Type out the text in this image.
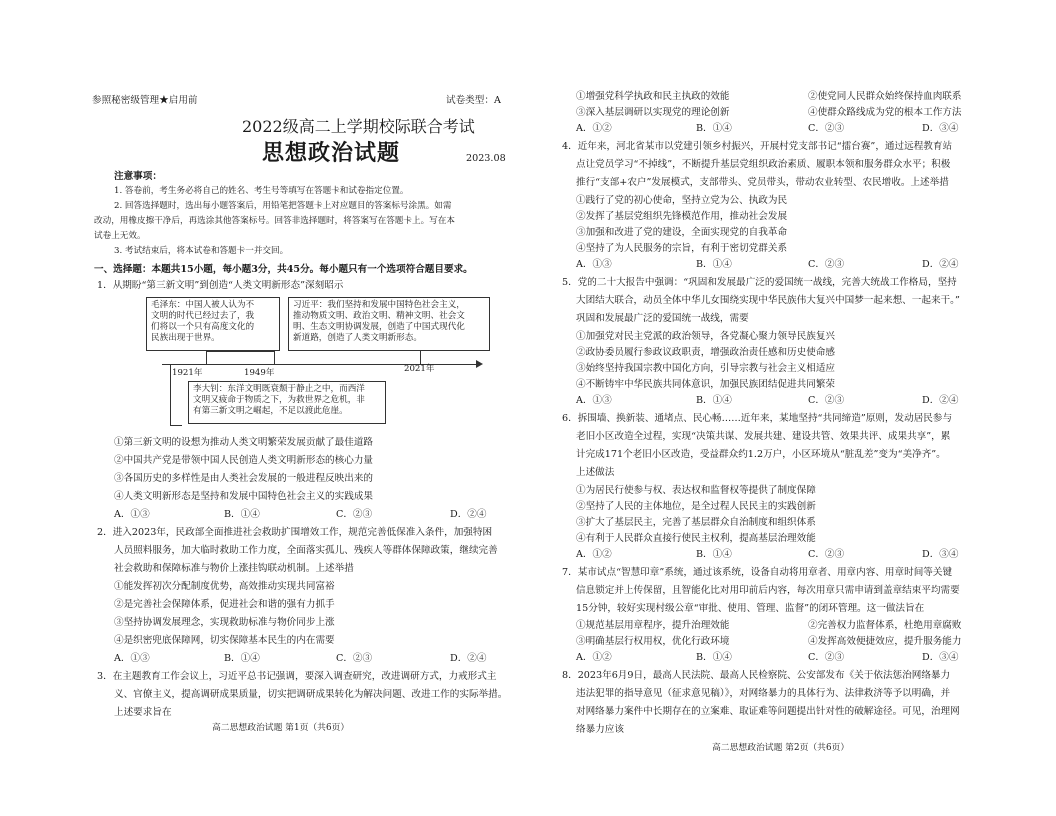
参照秘密级管理★启用前	试卷类型：A
2022级高二上学期校际联合考试
思想政治试题	2023.08
注意事项：
1. 答卷前，考生务必将自己的姓名、考生号等填写在答题卡和试卷指定位置。
2. 回答选择题时，选出每小题答案后，用铅笔把答题卡上对应题目的答案标号涂黑。如需
改动，用橡皮擦干净后，再选涂其他答案标号。回答非选择题时，将答案写在答题卡上。写在本
试卷上无效。
3. 考试结束后，将本试卷和答题卡一并交回。
一、选择题：本题共15小题，每小题3分，共45分。每小题只有一个选项符合题目要求。
1．从期盼“第三新文明”到创造“人类文明新形态”深刻昭示
毛泽东：中国人被人认为不
文明的时代已经过去了，我
们将以一个只有高度文化的
民族出现于世界。
习近平：我们坚持和发展中国特色社会主义，
推动物质文明、政治文明、精神文明、社会文
明、生态文明协调发展，创造了中国式现代化
新道路，创造了人类文明新形态。
1921年	1949年	2021年
李大钊：东洋文明既衰颓于静止之中，而西洋
文明又疲命于物质之下，为救世界之危机，非
有第三新文明之崛起，不足以渡此危崖。
①第三新文明的设想为推动人类文明繁荣发展贡献了最佳道路
②中国共产党是带领中国人民创造人类文明新形态的核心力量
③各国历史的多样性是由人类社会发展的一般进程反映出来的
④人类文明新形态是坚持和发展中国特色社会主义的实践成果
A．①③	B．①④	C．②③	D．②④
2．进入2023年，民政部全面推进社会救助扩围增效工作，规范完善低保准入条件，加强特困
人员照料服务，加大临时救助工作力度，全面落实孤儿、残疾人等群体保障政策，继续完善
社会救助和保障标准与物价上涨挂钩联动机制。上述举措
①能发挥初次分配制度优势，高效推动实现共同富裕
②是完善社会保障体系，促进社会和谐的强有力抓手
③坚持协调发展理念，实现救助标准与物价同步上涨
④是织密兜底保障网，切实保障基本民生的内在需要
A．①③	B．①④	C．②③	D．②④
3．在主题教育工作会议上，习近平总书记强调，要深入调查研究，改进调研方式，力戒形式主
义、官僚主义，提高调研成果质量，切实把调研成果转化为解决问题、改进工作的实际举措。
上述要求旨在
高二思想政治试题 第1页（共6页）
①增强党科学执政和民主执政的效能	②使党同人民群众始终保持血肉联系
③深入基层调研以实现党的理论创新	④使群众路线成为党的根本工作方法
A．①②	B．①④	C．②③	D．③④
4．近年来，河北省某市以党建引领乡村振兴，开展村党支部书记“擂台赛”，通过远程教育站
点让党员学习“不掉线”，不断提升基层党组织政治素质、履职本领和服务群众水平；积极
推行“支部+农户”发展模式，支部带头、党员带头，带动农业转型、农民增收。上述举措
①践行了党的初心使命，坚持立党为公、执政为民
②发挥了基层党组织先锋模范作用，推动社会发展
③加强和改进了党的建设，全面实现党的自我革命
④坚持了为人民服务的宗旨，有利于密切党群关系
A．①③	B．①④	C．②③	D．②④
5．党的二十大报告中强调：“巩固和发展最广泛的爱国统一战线，完善大统战工作格局，坚持
大团结大联合，动员全体中华儿女围绕实现中华民族伟大复兴中国梦一起来想、一起来干。”
巩固和发展最广泛的爱国统一战线，需要
①加强党对民主党派的政治领导，各党凝心聚力领导民族复兴
②政协委员履行参政议政职责，增强政治责任感和历史使命感
③始终坚持我国宗教中国化方向，引导宗教与社会主义相适应
④不断铸牢中华民族共同体意识，加强民族团结促进共同繁荣
A．①③	B．①④	C．②③	D．②④
6．拆围墙、换新装、通堵点、民心畅……近年来，某地坚持“共同缔造”原则，发动居民参与
老旧小区改造全过程，实现“决策共谋、发展共建、建设共管、效果共评、成果共享”，累
计完成171个老旧小区改造，受益群众约1.2万户，小区环境从“脏乱差”变为“美净齐”。
上述做法
①为居民行使参与权、表达权和监督权等提供了制度保障
②坚持了人民的主体地位，是全过程人民民主的实践创新
③扩大了基层民主，完善了基层群众自治制度和组织体系
④有利于人民群众直接行使民主权利，提高基层治理效能
A．①②	B．①④	C．②③	D．③④
7．某市试点“智慧印章”系统，通过该系统，设备自动将用章者、用章内容、用章时间等关键
信息锁定并上传保留，且智能化比对用印前后内容，每次用章只需申请到盖章结束平均需要
15分钟，较好实现村级公章“审批、使用、管理、监督”的闭环管理。这一做法旨在
①规范基层用章程序，提升治理效能	②完善权力监督体系，杜绝用章腐败
③明确基层行权用权，优化行政环境	④发挥高效便捷效应，提升服务能力
A．①②	B．①④	C．②③	D．③④
8．2023年6月9日，最高人民法院、最高人民检察院、公安部发布《关于依法惩治网络暴力
违法犯罪的指导意见（征求意见稿）》，对网络暴力的具体行为、法律救济等予以明确，并
对网络暴力案件中长期存在的立案难、取证难等问题提出针对性的破解途径。可见，治理网
络暴力应该
高二思想政治试题 第2页（共6页）
